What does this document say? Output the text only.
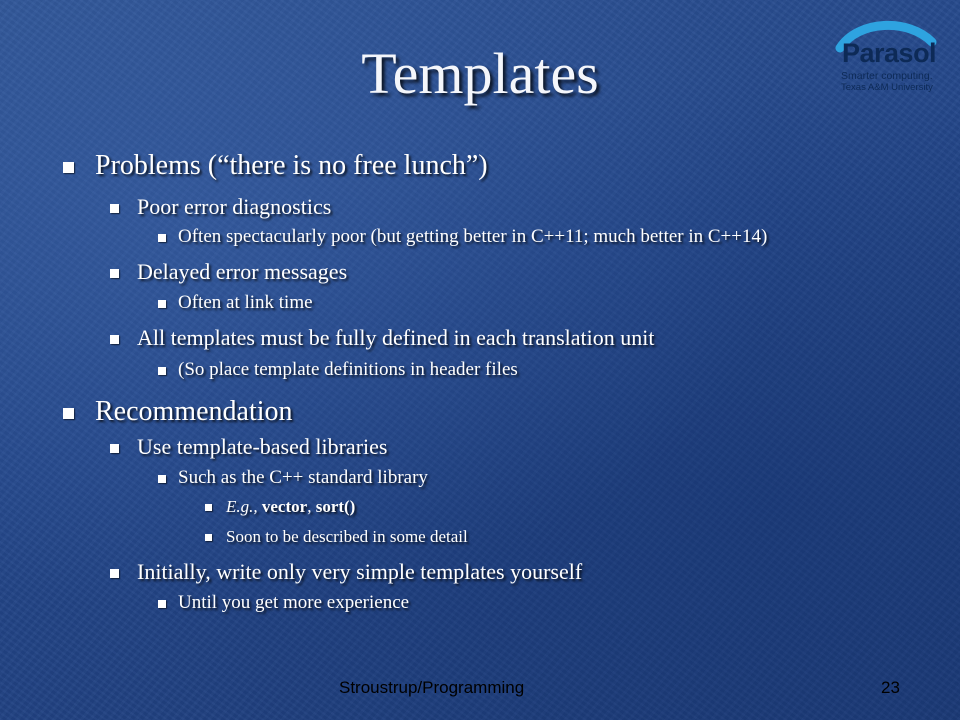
Templates	Parasol
Smarter computing.
Texas A&M University
Problems (“there is no free lunch”)
Poor error diagnostics
Often spectacularly poor (but getting better in C++11; much better in C++14)
Delayed error messages
Often at link time
All templates must be fully defined in each translation unit
(So place template definitions in header files
Recommendation
Use template-based libraries
Such as the C++ standard library
E.g., vector, sort()
Soon to be described in some detail
Initially, write only very simple templates yourself
Until you get more experience
Stroustrup/Programming	23
